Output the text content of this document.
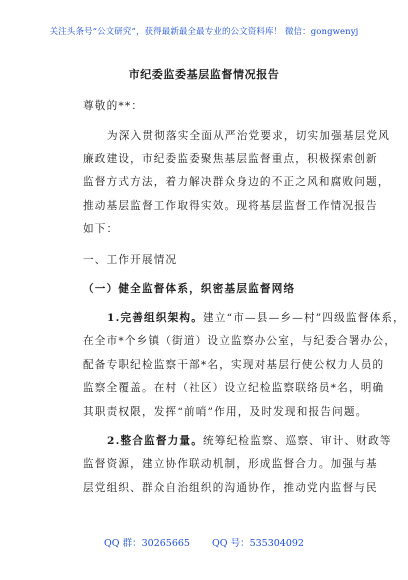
关注头条号“公文研究”，获得最新最全最专业的公文资料库！ 微信：gongwenyj
市纪委监委基层监督情况报告
尊敬的**：
为深入贯彻落实全面从严治党要求，切实加强基层党风
廉政建设，市纪委监委聚焦基层监督重点，积极探索创新
监督方式方法，着力解决群众身边的不正之风和腐败问题，
推动基层监督工作取得实效。现将基层监督工作情况报告
如下：
一、工作开展情况
（一）健全监督体系，织密基层监督网络
1.完善组织架构。建立“市—县—乡—村”四级监督体系，
在全市*个乡镇（街道）设立监察办公室，与纪委合署办公，
配备专职纪检监察干部*名，实现对基层行使公权力人员的
监察全覆盖。在村（社区）设立纪检监察联络员*名，明确
其职责权限，发挥“前哨”作用，及时发现和报告问题。
2.整合监督力量。统筹纪检监察、巡察、审计、财政等
监督资源，建立协作联动机制，形成监督合力。加强与基
层党组织、群众自治组织的沟通协作，推动党内监督与民
QQ 群：30265665 QQ 号：535304092
